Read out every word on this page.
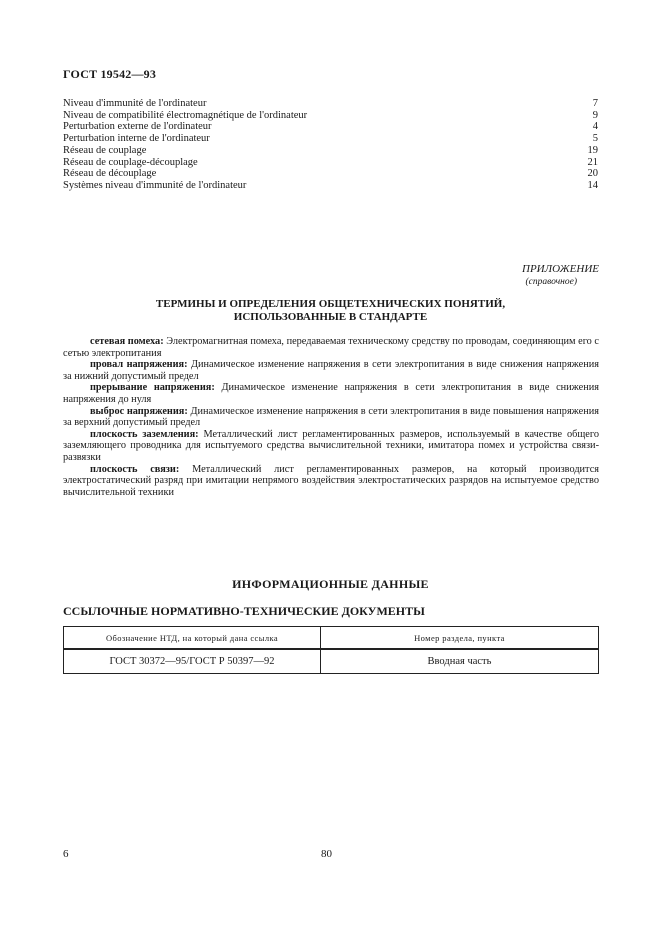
ГОСТ 19542—93
Niveau d'immunité de l'ordinateur	7
Niveau de compatibilité électromagnétique de l'ordinateur	9
Perturbation externe de l'ordinateur	4
Perturbation interne de l'ordinateur	5
Réseau de couplage	19
Réseau de couplage-découplage	21
Réseau de découplage	20
Systèmes niveau d'immunité de l'ordinateur	14
ПРИЛОЖЕНИЕ
(справочное)
ТЕРМИНЫ И ОПРЕДЕЛЕНИЯ ОБЩЕТЕХНИЧЕСКИХ ПОНЯТИЙ,
ИСПОЛЬЗОВАННЫЕ В СТАНДАРТЕ

сетевая помеха: Электромагнитная помеха, передаваемая техническому средству по проводам, соединяющим его с сетью электропитания

провал напряжения: Динамическое изменение напряжения в сети электропитания в виде снижения напряжения за нижний допустимый предел

прерывание напряжения: Динамическое изменение напряжения в сети электропитания в виде снижения напряжения до нуля

выброс напряжения: Динамическое изменение напряжения в сети электропитания в виде повышения напряжения за верхний допустимый предел

плоскость заземления: Металлический лист регламентированных размеров, используемый в качестве общего заземляющего проводника для испытуемого средства вычислительной техники, имитатора помех и устройства связи-развязки

плоскость связи: Металлический лист регламентированных размеров, на который производится электростатический разряд при имитации непрямого воздействия электростатических разрядов на испытуемое средство вычислительной техники

ИНФОРМАЦИОННЫЕ ДАННЫЕ
ССЫЛОЧНЫЕ НОРМАТИВНО-ТЕХНИЧЕСКИЕ ДОКУМЕНТЫ
Обозначение НТД, на который дана ссылка	Номер раздела, пункта
ГОСТ 30372—95/ГОСТ Р 50397—92	Вводная часть
6	80
